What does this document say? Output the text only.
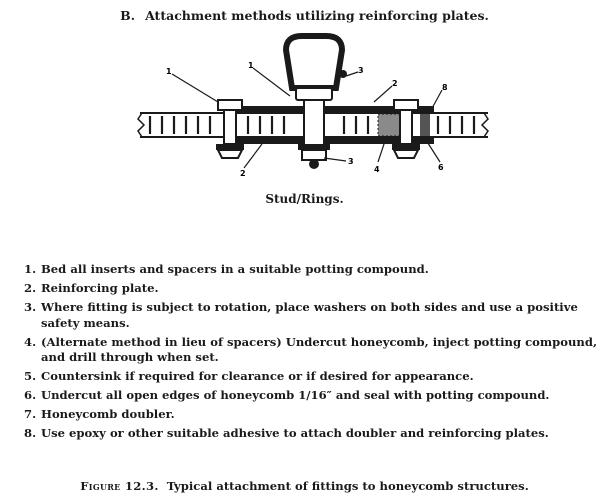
B. Attachment methods utilizing reinforcing plates.
1
1
3
2	8
2
3
4	6
Stud/Rings.
1. Bed all inserts and spacers in a suitable potting compound.
2. Reinforcing plate.
3. Where fitting is subject to rotation, place washers on both sides and use a positive safety means.
4. (Alternate method in lieu of spacers) Undercut honeycomb, inject potting compound, and drill through when set.
5. Countersink if required for clearance or if desired for appearance.
6. Undercut all open edges of honeycomb 1/16″ and seal with potting compound.
7. Honeycomb doubler.
8. Use epoxy or other suitable adhesive to attach doubler and reinforcing plates.
Figure 12.3. Typical attachment of fittings to honeycomb structures.
